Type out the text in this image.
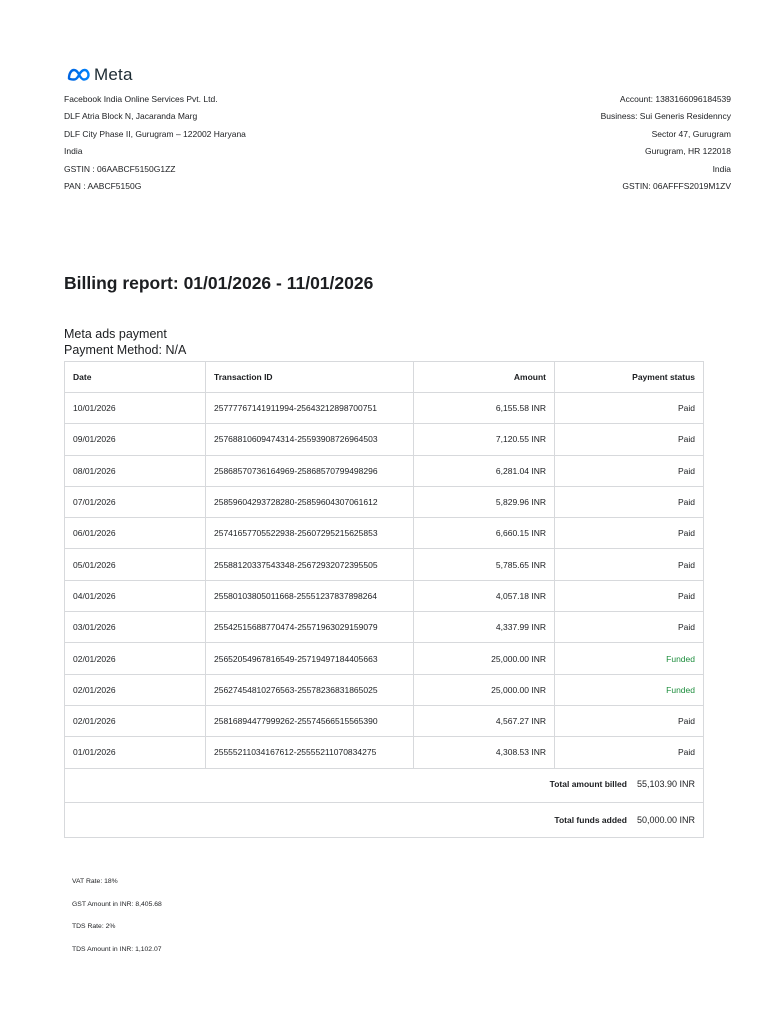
Meta
Facebook India Online Services Pvt. Ltd.
DLF Atria Block N, Jacaranda Marg
DLF City Phase II, Gurugram – 122002 Haryana
India
GSTIN : 06AABCF5150G1ZZ
PAN : AABCF5150G
Account: 1383166096184539
Business: Sui Generis Residenncy
Sector 47, Gurugram
Gurugram, HR 122018
India
GSTIN: 06AFFFS2019M1ZV
Billing report: 01/01/2026 - 11/01/2026
Meta ads payment
Payment Method: N/A
Date	Transaction ID	Amount	Payment status
10/01/2026	25777767141911994-25643212898700751	6,155.58 INR	Paid
09/01/2026	25768810609474314-25593908726964503	7,120.55 INR	Paid
08/01/2026	25868570736164969-25868570799498296	6,281.04 INR	Paid
07/01/2026	25859604293728280-25859604307061612	5,829.96 INR	Paid
06/01/2026	25741657705522938-25607295215625853	6,660.15 INR	Paid
05/01/2026	25588120337543348-25672932072395505	5,785.65 INR	Paid
04/01/2026	25580103805011668-25551237837898264	4,057.18 INR	Paid
03/01/2026	25542515688770474-25571963029159079	4,337.99 INR	Paid
02/01/2026	25652054967816549-25719497184405663	25,000.00 INR	Funded
02/01/2026	25627454810276563-25578236831865025	25,000.00 INR	Funded
02/01/2026	25816894477999262-25574566515565390	4,567.27 INR	Paid
01/01/2026	25555211034167612-25555211070834275	4,308.53 INR	Paid
Total amount billed 55,103.90 INR
Total funds added 50,000.00 INR
VAT Rate: 18%
GST Amount in INR: 8,405.68
TDS Rate: 2%
TDS Amount in INR: 1,102.07
